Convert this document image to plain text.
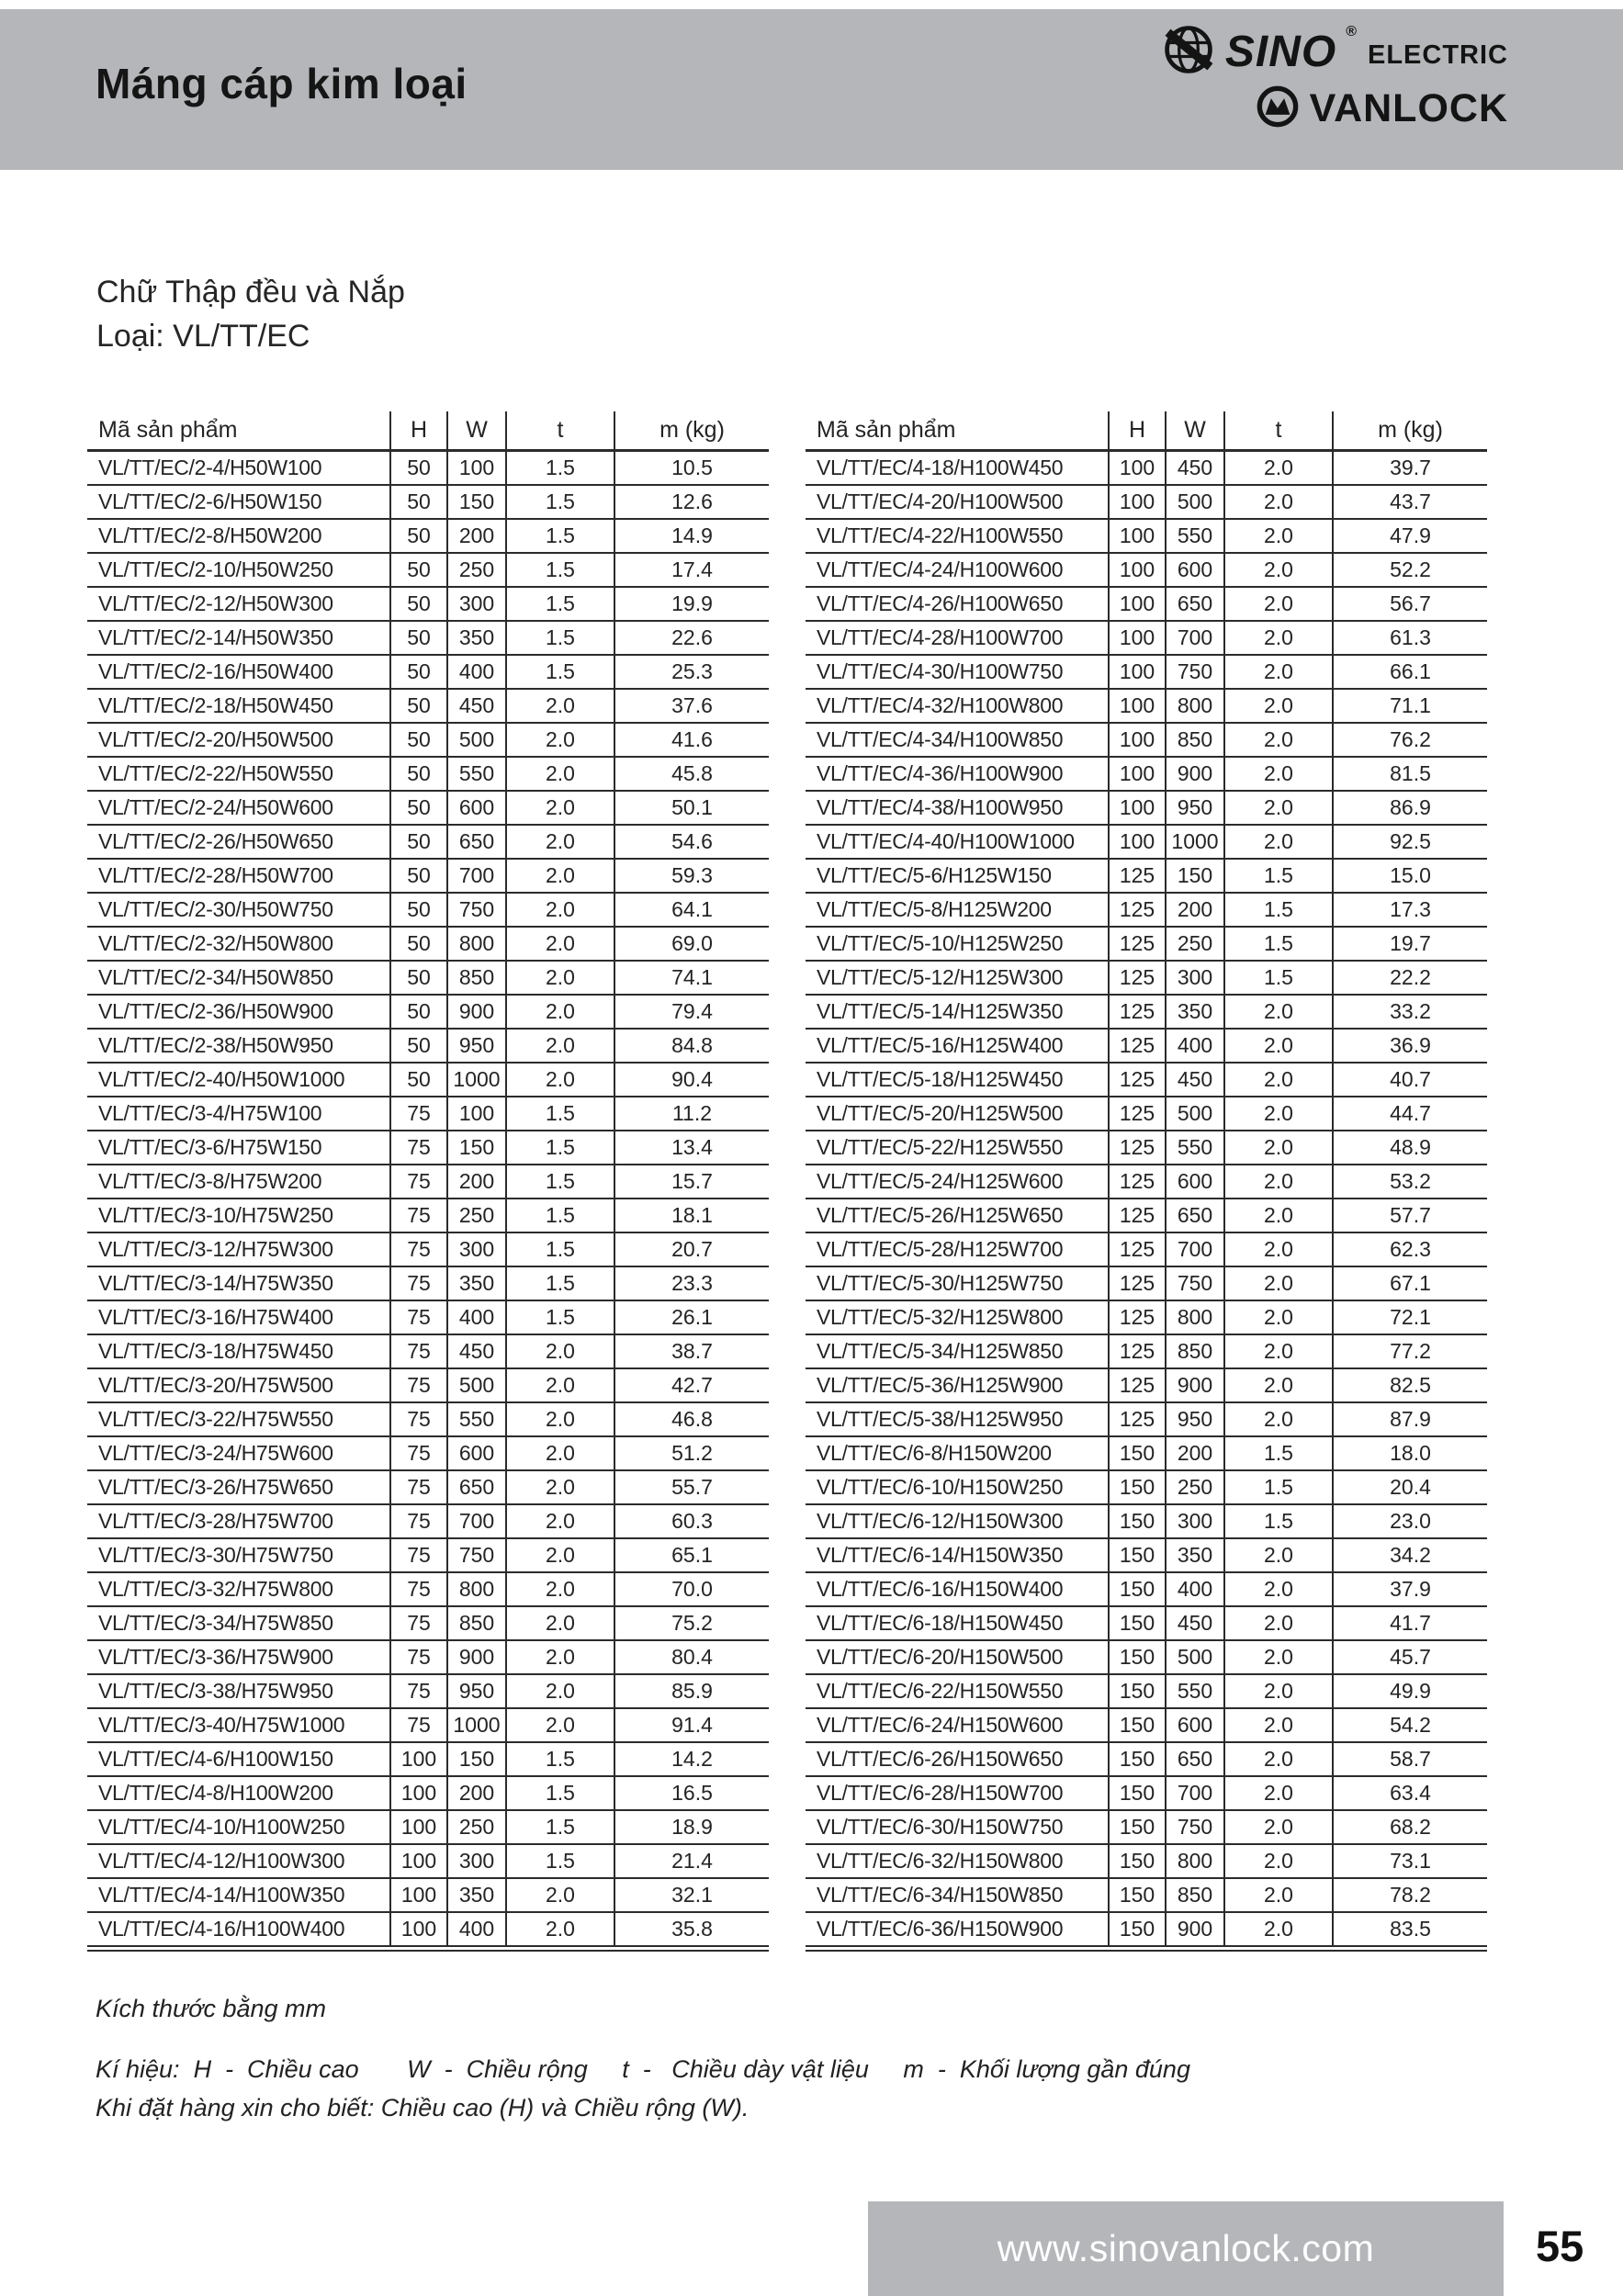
Máng cáp kim loại
SINO ®
ELECTRIC
VANLOCK
Chữ Thập đều và Nắp
Loại: VL/TT/EC
Mã sản phẩm	H	W	t	m (kg)
VL/TT/EC/2-4/H50W100	50	100	1.5	10.5
VL/TT/EC/2-6/H50W150	50	150	1.5	12.6
VL/TT/EC/2-8/H50W200	50	200	1.5	14.9
VL/TT/EC/2-10/H50W250	50	250	1.5	17.4
VL/TT/EC/2-12/H50W300	50	300	1.5	19.9
VL/TT/EC/2-14/H50W350	50	350	1.5	22.6
VL/TT/EC/2-16/H50W400	50	400	1.5	25.3
VL/TT/EC/2-18/H50W450	50	450	2.0	37.6
VL/TT/EC/2-20/H50W500	50	500	2.0	41.6
VL/TT/EC/2-22/H50W550	50	550	2.0	45.8
VL/TT/EC/2-24/H50W600	50	600	2.0	50.1
VL/TT/EC/2-26/H50W650	50	650	2.0	54.6
VL/TT/EC/2-28/H50W700	50	700	2.0	59.3
VL/TT/EC/2-30/H50W750	50	750	2.0	64.1
VL/TT/EC/2-32/H50W800	50	800	2.0	69.0
VL/TT/EC/2-34/H50W850	50	850	2.0	74.1
VL/TT/EC/2-36/H50W900	50	900	2.0	79.4
VL/TT/EC/2-38/H50W950	50	950	2.0	84.8
VL/TT/EC/2-40/H50W1000	50	1000	2.0	90.4
VL/TT/EC/3-4/H75W100	75	100	1.5	11.2
VL/TT/EC/3-6/H75W150	75	150	1.5	13.4
VL/TT/EC/3-8/H75W200	75	200	1.5	15.7
VL/TT/EC/3-10/H75W250	75	250	1.5	18.1
VL/TT/EC/3-12/H75W300	75	300	1.5	20.7
VL/TT/EC/3-14/H75W350	75	350	1.5	23.3
VL/TT/EC/3-16/H75W400	75	400	1.5	26.1
VL/TT/EC/3-18/H75W450	75	450	2.0	38.7
VL/TT/EC/3-20/H75W500	75	500	2.0	42.7
VL/TT/EC/3-22/H75W550	75	550	2.0	46.8
VL/TT/EC/3-24/H75W600	75	600	2.0	51.2
VL/TT/EC/3-26/H75W650	75	650	2.0	55.7
VL/TT/EC/3-28/H75W700	75	700	2.0	60.3
VL/TT/EC/3-30/H75W750	75	750	2.0	65.1
VL/TT/EC/3-32/H75W800	75	800	2.0	70.0
VL/TT/EC/3-34/H75W850	75	850	2.0	75.2
VL/TT/EC/3-36/H75W900	75	900	2.0	80.4
VL/TT/EC/3-38/H75W950	75	950	2.0	85.9
VL/TT/EC/3-40/H75W1000	75	1000	2.0	91.4
VL/TT/EC/4-6/H100W150	100	150	1.5	14.2
VL/TT/EC/4-8/H100W200	100	200	1.5	16.5
VL/TT/EC/4-10/H100W250	100	250	1.5	18.9
VL/TT/EC/4-12/H100W300	100	300	1.5	21.4
VL/TT/EC/4-14/H100W350	100	350	2.0	32.1
VL/TT/EC/4-16/H100W400	100	400	2.0	35.8
Mã sản phẩm	H	W	t	m (kg)
VL/TT/EC/4-18/H100W450	100	450	2.0	39.7
VL/TT/EC/4-20/H100W500	100	500	2.0	43.7
VL/TT/EC/4-22/H100W550	100	550	2.0	47.9
VL/TT/EC/4-24/H100W600	100	600	2.0	52.2
VL/TT/EC/4-26/H100W650	100	650	2.0	56.7
VL/TT/EC/4-28/H100W700	100	700	2.0	61.3
VL/TT/EC/4-30/H100W750	100	750	2.0	66.1
VL/TT/EC/4-32/H100W800	100	800	2.0	71.1
VL/TT/EC/4-34/H100W850	100	850	2.0	76.2
VL/TT/EC/4-36/H100W900	100	900	2.0	81.5
VL/TT/EC/4-38/H100W950	100	950	2.0	86.9
VL/TT/EC/4-40/H100W1000	100	1000	2.0	92.5
VL/TT/EC/5-6/H125W150	125	150	1.5	15.0
VL/TT/EC/5-8/H125W200	125	200	1.5	17.3
VL/TT/EC/5-10/H125W250	125	250	1.5	19.7
VL/TT/EC/5-12/H125W300	125	300	1.5	22.2
VL/TT/EC/5-14/H125W350	125	350	2.0	33.2
VL/TT/EC/5-16/H125W400	125	400	2.0	36.9
VL/TT/EC/5-18/H125W450	125	450	2.0	40.7
VL/TT/EC/5-20/H125W500	125	500	2.0	44.7
VL/TT/EC/5-22/H125W550	125	550	2.0	48.9
VL/TT/EC/5-24/H125W600	125	600	2.0	53.2
VL/TT/EC/5-26/H125W650	125	650	2.0	57.7
VL/TT/EC/5-28/H125W700	125	700	2.0	62.3
VL/TT/EC/5-30/H125W750	125	750	2.0	67.1
VL/TT/EC/5-32/H125W800	125	800	2.0	72.1
VL/TT/EC/5-34/H125W850	125	850	2.0	77.2
VL/TT/EC/5-36/H125W900	125	900	2.0	82.5
VL/TT/EC/5-38/H125W950	125	950	2.0	87.9
VL/TT/EC/6-8/H150W200	150	200	1.5	18.0
VL/TT/EC/6-10/H150W250	150	250	1.5	20.4
VL/TT/EC/6-12/H150W300	150	300	1.5	23.0
VL/TT/EC/6-14/H150W350	150	350	2.0	34.2
VL/TT/EC/6-16/H150W400	150	400	2.0	37.9
VL/TT/EC/6-18/H150W450	150	450	2.0	41.7
VL/TT/EC/6-20/H150W500	150	500	2.0	45.7
VL/TT/EC/6-22/H150W550	150	550	2.0	49.9
VL/TT/EC/6-24/H150W600	150	600	2.0	54.2
VL/TT/EC/6-26/H150W650	150	650	2.0	58.7
VL/TT/EC/6-28/H150W700	150	700	2.0	63.4
VL/TT/EC/6-30/H150W750	150	750	2.0	68.2
VL/TT/EC/6-32/H150W800	150	800	2.0	73.1
VL/TT/EC/6-34/H150W850	150	850	2.0	78.2
VL/TT/EC/6-36/H150W900	150	900	2.0	83.5
Kích thước bằng mm
Kí hiệu:  H  -  Chiều cao       W  -  Chiều rộng     t  -   Chiều dày vật liệu     m  -  Khối lượng gần đúng
Khi đặt hàng xin cho biết: Chiều cao (H) và Chiều rộng (W).
www.sinovanlock.com	55
